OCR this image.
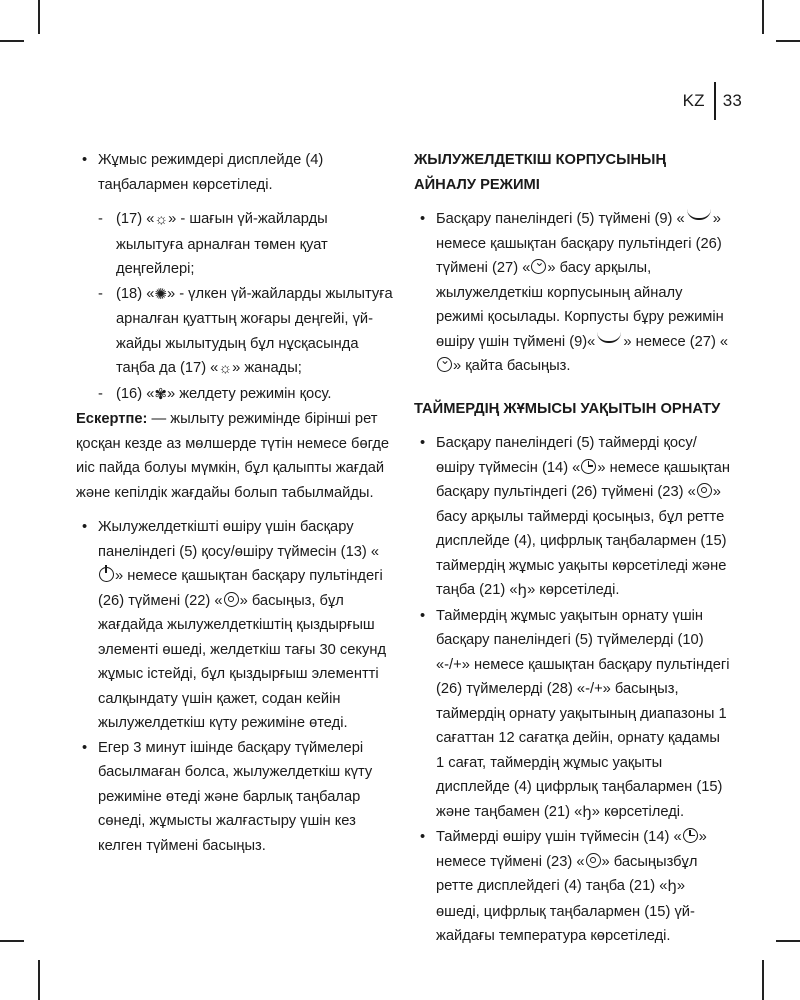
KZ	33
• Жұмыс режимдері дисплейде (4) таңбалармен көрсетіледі.
- (17) «☼» - шағын үй-жайларды жылытуға арналған төмен қуат деңгейлері;
- (18) «✺» - үлкен үй-жайларды жылытуға арналған қуаттың жоғары деңгейі, үй-жайды жылытудың бұл нұсқасында таңба да (17) «☼» жанады;
- (16) «✾» желдету режимін қосу.

Ескертпе: — жылыту режимінде бірінші рет қосқан кезде аз мөлшерде түтін немесе бөгде иіс пайда болуы мүмкін, бұл қалыпты жағдай және кепілдік жағдайы болып табылмайды.

• Жылужелдеткішті өшіру үшін басқару панеліндегі (5) қосу/өшіру түймесін (13) «» немесе қашықтан басқару пультіндегі (26) түймені (22) « » басыңыз, бұл жағдайда жылужелдеткіштің қыздырғыш элементі өшеді, желдеткіш тағы 30 секунд жұмыс істейді, бұл қыздырғыш элементті салқындату үшін қажет, содан кейін жылужелдеткіш күту режиміне өтеді.
• Егер 3 минут ішінде басқару түймелері басылмаған болса, жылужелдеткіш күту режиміне өтеді және барлық таңбалар сөнеді, жұмысты жалғастыру үшін кез келген түймені басыңыз.
ЖЫЛУЖЕЛДЕТКІШ КОРПУСЫНЫҢ АЙНАЛУ РЕЖИМІ
• Басқару панеліндегі (5) түймені (9) « » немесе қашықтан басқару пультіндегі (26) түймені (27) «⌄ » басу арқылы, жылужелдеткіш корпусының айналу режимі қосылады. Корпусты бұру режимін өшіру үшін түймені (9)« » немесе (27) «⌄» қайта басыңыз.
ТАЙМЕРДІҢ ЖҰМЫСЫ УАҚЫТЫН ОРНАТУ
• Басқару панеліндегі (5) таймерді қосу/өшіру түймесін (14) « » немесе қашықтан басқару пультіндегі (26) түймені (23) « » басу арқылы таймерді қосыңыз, бұл ретте дисплейде (4), цифрлық таңбалармен (15) таймердің жұмыс уақыты көрсетіледі және таңба (21) «ꜧ» көрсетіледі.
• Таймердің жұмыс уақытын орнату үшін басқару панеліндегі (5) түймелерді (10) «-/+» немесе қашықтан басқару пультіндегі (26) түймелерді (28) «-/+» басыңыз, таймердің орнату уақытының диапазоны 1 сағаттан 12 сағатқа дейін, орнату қадамы 1 сағат, таймердің жұмыс уақыты дисплейде (4) цифрлық таңбалармен (15) және таңбамен (21) «ꜧ» көрсетіледі.
• Таймерді өшіру үшін түймесін (14) « » немесе түймені (23) « » басыңызбұл ретте дисплейдегі (4) таңба (21) «ꜧ» өшеді, цифрлық таңбалармен (15) үй-жайдағы температура көрсетіледі.
